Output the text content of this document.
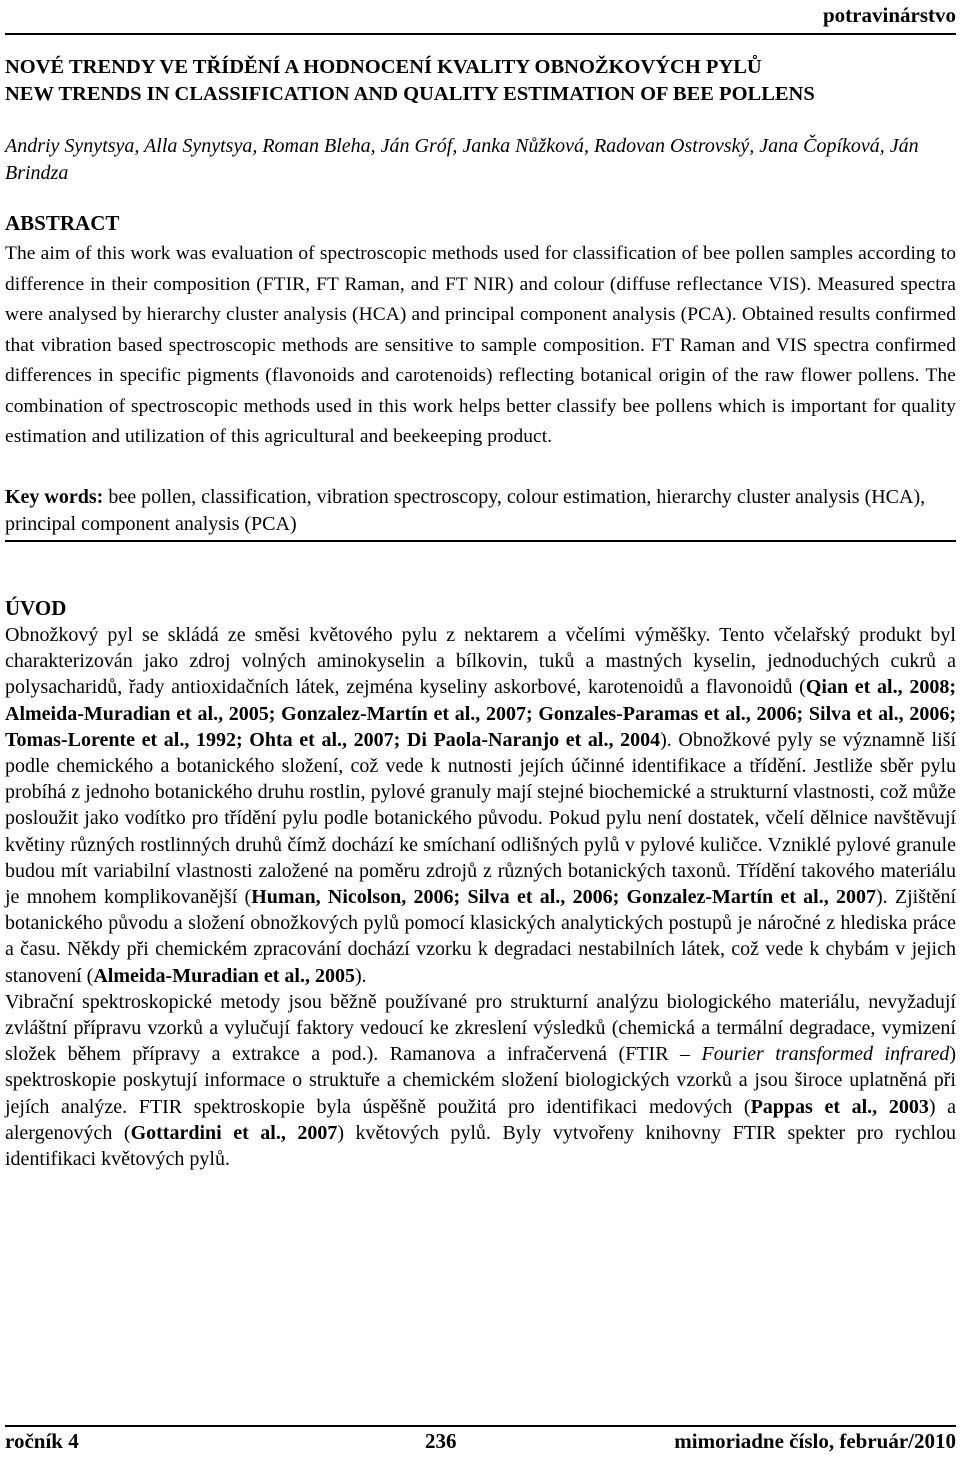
potravinárstvo
NOVÉ TRENDY VE TŘÍDĚNÍ A HODNOCENÍ KVALITY OBNOŽKOVÝCH PYLŮ
NEW TRENDS IN CLASSIFICATION AND QUALITY ESTIMATION OF BEE POLLENS
Andriy Synytsya, Alla Synytsya, Roman Bleha, Ján Gróf, Janka Nůžková, Radovan Ostrovský, Jana Čopíková, Ján Brindza
ABSTRACT
The aim of this work was evaluation of spectroscopic methods used for classification of bee pollen samples according to difference in their composition (FTIR, FT Raman, and FT NIR) and colour (diffuse reflectance VIS). Measured spectra were analysed by hierarchy cluster analysis (HCA) and principal component analysis (PCA). Obtained results confirmed that vibration based spectroscopic methods are sensitive to sample composition. FT Raman and VIS spectra confirmed differences in specific pigments (flavonoids and carotenoids) reflecting botanical origin of the raw flower pollens. The combination of spectroscopic methods used in this work helps better classify bee pollens which is important for quality estimation and utilization of this agricultural and beekeeping product.
Key words: bee pollen, classification, vibration spectroscopy, colour estimation, hierarchy cluster analysis (HCA), principal component analysis (PCA)
ÚVOD

Obnožkový pyl se skládá ze směsi květového pylu z nektarem a včelími výměšky. Tento včelařský produkt byl charakterizován jako zdroj volných aminokyselin a bílkovin, tuků a mastných kyselin, jednoduchých cukrů a polysacharidů, řady antioxidačních látek, zejména kyseliny askorbové, karotenoidů a flavonoidů (Qian et al., 2008; Almeida-Muradian et al., 2005; Gonzalez-Martín et al., 2007; Gonzales-Paramas et al., 2006; Silva et al., 2006; Tomas-Lorente et al., 1992; Ohta et al., 2007; Di Paola-Naranjo et al., 2004). Obnožkové pyly se významně liší podle chemického a botanického složení, což vede k nutnosti jejích účinné identifikace a třídění. Jestliže sběr pylu probíhá z jednoho botanického druhu rostlin, pylové granuly mají stejné biochemické a strukturní vlastnosti, což může posloužit jako vodítko pro třídění pylu podle botanického původu. Pokud pylu není dostatek, včelí dělnice navštěvují květiny různých rostlinných druhů čímž dochází ke smíchaní odlišných pylů v pylové kuličce. Vzniklé pylové granule budou mít variabilní vlastnosti založené na poměru zdrojů z různých botanických taxonů. Třídění takového materiálu je mnohem komplikovanější (Human, Nicolson, 2006; Silva et al., 2006; Gonzalez-Martín et al., 2007). Zjištění botanického původu a složení obnožkových pylů pomocí klasických analytických postupů je náročné z hlediska práce a času. Někdy při chemickém zpracování dochází vzorku k degradaci nestabilních látek, což vede k chybám v jejich stanovení (Almeida-Muradian et al., 2005).

Vibrační spektroskopické metody jsou běžně používané pro strukturní analýzu biologického materiálu, nevyžadují zvláštní přípravu vzorků a vylučují faktory vedoucí ke zkreslení výsledků (chemická a termální degradace, vymizení složek během přípravy a extrakce a pod.). Ramanova a infračervená (FTIR – Fourier transformed infrared) spektroskopie poskytují informace o struktuře a chemickém složení biologických vzorků a jsou široce uplatněná při jejích analýze. FTIR spektroskopie byla úspěšně použitá pro identifikaci medových (Pappas et al., 2003) a alergenových (Gottardini et al., 2007) květových pylů. Byly vytvořeny knihovny FTIR spekter pro rychlou identifikaci květových pylů.

ročník 4	236	mimoriadne číslo, február/2010
